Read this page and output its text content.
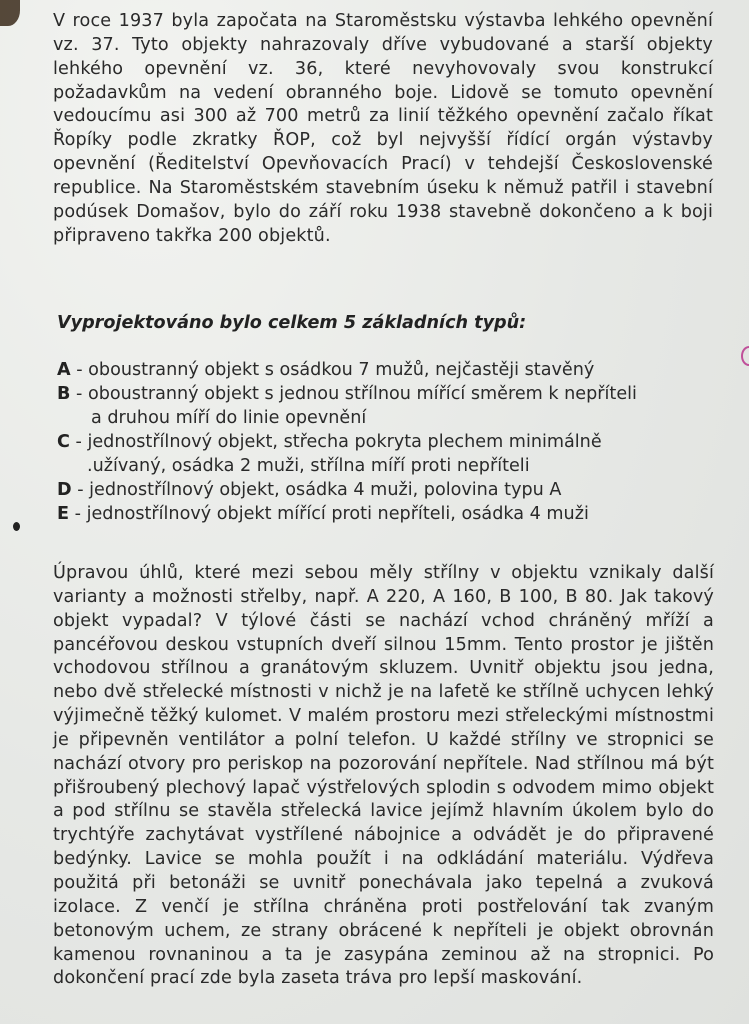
V roce 1937 byla započata na Staroměstsku výstavba lehkého opevnění vz. 37. Tyto objekty nahrazovaly dříve vybudované a starší objekty lehkého opevnění vz. 36, které nevyhovovaly svou konstrukcí požadavkům na vedení obranného boje. Lidově se tomuto opevnění vedoucímu asi 300 až 700 metrů za linií těžkého opevnění začalo říkat Řopíky podle zkratky ŘOP, což byl nejvyšší řídící orgán výstavby opevnění (Ředitelství Opevňovacích Prací) v tehdejší Československé republice. Na Staroměstském stavebním úseku k němuž patřil i stavební podúsek Domašov, bylo do září roku 1938 stavebně dokončeno a k boji připraveno takřka 200 objektů.

Vyprojektováno bylo celkem 5 základních typů:

A - oboustranný objekt s osádkou 7 mužů, nejčastěji stavěný
B - oboustranný objekt s jednou střílnou mířící směrem k nepříteli
a druhou míří do linie opevnění
C - jednostřílnový objekt, střecha pokryta plechem minimálně
.užívaný, osádka 2 muži, střílna míří proti nepříteli
D - jednostřílnový objekt, osádka 4 muži, polovina typu A
E - jednostřílnový objekt mířící proti nepříteli, osádka 4 muži

Úpravou úhlů, které mezi sebou měly střílny v objektu vznikaly další varianty a možnosti střelby, např. A 220, A 160, B 100, B 80. Jak takový objekt vypadal? V týlové části se nachází vchod chráněný mříží a pancéřovou deskou vstupních dveří silnou 15mm. Tento prostor je jištěn vchodovou střílnou a granátovým skluzem. Uvnitř objektu jsou jedna, nebo dvě střelecké místnosti v nichž je na lafetě ke střílně uchycen lehký výjimečně těžký kulomet. V malém prostoru mezi střeleckými místnostmi je připevněn ventilátor a polní telefon. U každé střílny ve stropnici se nachází otvory pro periskop na pozorování nepřítele. Nad střílnou má být přišroubený plechový lapač výstřelových splodin s odvodem mimo objekt a pod střílnu se stavěla střelecká lavice jejímž hlavním úkolem bylo do trychtýře zachytávat vystřílené nábojnice a odvádět je do připravené bedýnky. Lavice se mohla použít i na odkládání materiálu. Výdřeva použitá při betonáži se uvnitř ponechávala jako tepelná a zvuková izolace. Z venčí je střílna chráněna proti postřelování tak zvaným betonovým uchem, ze strany obrácené k nepříteli je objekt obrovnán kamenou rovnaninou a ta je zasypána zeminou až na stropnici. Po dokončení prací zde byla zaseta tráva pro lepší maskování.
